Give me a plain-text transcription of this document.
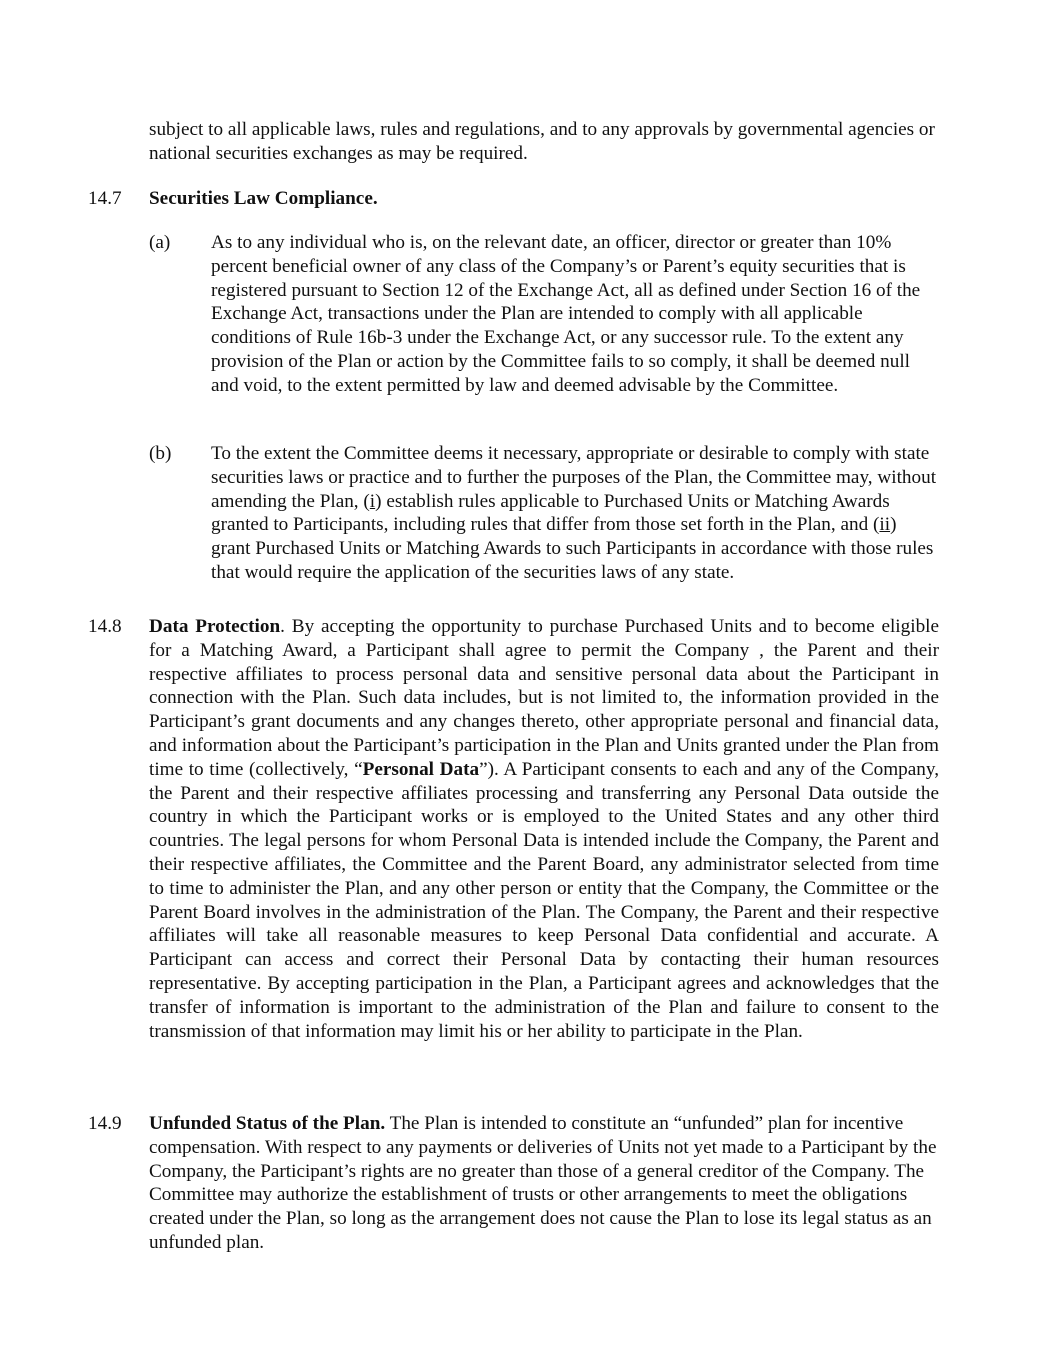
subject to all applicable laws, rules and regulations, and to any approvals by governmental agencies or national securities exchanges as may be required.

14.7 Securities Law Compliance.
(a) As to any individual who is, on the relevant date, an officer, director or greater than 10% percent beneficial owner of any class of the Company’s or Parent’s equity securities that is registered pursuant to Section 12 of the Exchange Act, all as defined under Section 16 of the Exchange Act, transactions under the Plan are intended to comply with all applicable conditions of Rule 16b-3 under the Exchange Act, or any successor rule. To the extent any provision of the Plan or action by the Committee fails to so comply, it shall be deemed null and void, to the extent permitted by law and deemed advisable by the Committee.

(b) To the extent the Committee deems it necessary, appropriate or desirable to comply with state securities laws or practice and to further the purposes of the Plan, the Committee may, without amending the Plan, (i) establish rules applicable to Purchased Units or Matching Awards granted to Participants, including rules that differ from those set forth in the Plan, and (ii) grant Purchased Units or Matching Awards to such Participants in accordance with those rules that would require the application of the securities laws of any state.

14.8 Data Protection. By accepting the opportunity to purchase Purchased Units and to become eligible for a Matching Award, a Participant shall agree to permit the Company , the Parent and their respective affiliates to process personal data and sensitive personal data about the Participant in connection with the Plan. Such data includes, but is not limited to, the information provided in the Participant’s grant documents and any changes thereto, other appropriate personal and financial data, and information about the Participant’s participation in the Plan and Units granted under the Plan from time to time (collectively, “Personal Data”). A Participant consents to each and any of the Company, the Parent and their respective affiliates processing and transferring any Personal Data outside the country in which the Participant works or is employed to the United States and any other third countries. The legal persons for whom Personal Data is intended include the Company, the Parent and their respective affiliates, the Committee and the Parent Board, any administrator selected from time to time to administer the Plan, and any other person or entity that the Company, the Committee or the Parent Board involves in the administration of the Plan. The Company, the Parent and their respective affiliates will take all reasonable measures to keep Personal Data confidential and accurate. A Participant can access and correct their Personal Data by contacting their human resources representative. By accepting participation in the Plan, a Participant agrees and acknowledges that the transfer of information is important to the administration of the Plan and failure to consent to the transmission of that information may limit his or her ability to participate in the Plan.

14.9 Unfunded Status of the Plan. The Plan is intended to constitute an “unfunded” plan for incentive compensation. With respect to any payments or deliveries of Units not yet made to a Participant by the Company, the Participant’s rights are no greater than those of a general creditor of the Company. The Committee may authorize the establishment of trusts or other arrangements to meet the obligations created under the Plan, so long as the arrangement does not cause the Plan to lose its legal status as an unfunded plan.
